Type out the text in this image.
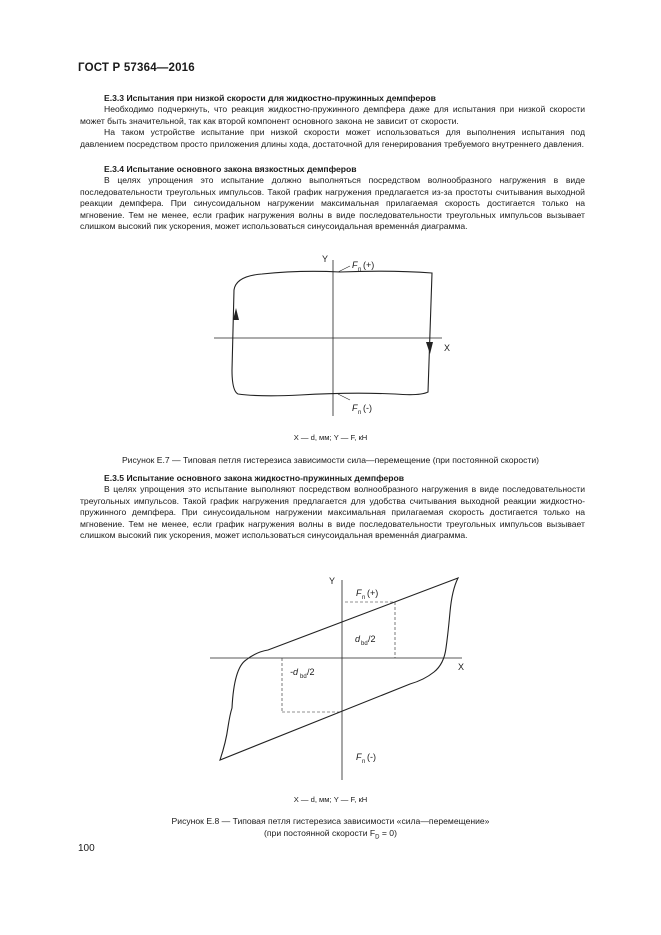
ГОСТ Р 57364—2016
Е.3.3 Испытания при низкой скорости для жидкостно-пружинных демпферов

Необходимо подчеркнуть, что реакция жидкостно-пружинного демпфера даже для испытания при низкой скорости может быть значительной, так как второй компонент основного закона не зависит от скорости.

На таком устройстве испытание при низкой скорости может использоваться для выполнения испытания под давлением посредством просто приложения длины хода, достаточной для генерирования требуемого внутреннего давления.

Е.3.4 Испытание основного закона вязкостных демпферов

В целях упрощения это испытание должно выполняться посредством волнообразного нагружения в виде последовательности треугольных импульсов. Такой график нагружения предлагается из-за простоты считывания выходной реакции демпфера. При синусоидальном нагружении максимальная прилагаемая скорость достигается только на мгновение. Тем не менее, если график нагружения волны в виде последовательности треугольных импульсов вызывает слишком высокий пик ускорения, может использоваться синусоидальная временна́я диаграмма.

Y
X
F n (+)
F n (-)
X — d, мм; Y — F, кН
Рисунок Е.7 — Типовая петля гистерезиса зависимости сила—перемещение (при постоянной скорости)
Е.3.5 Испытание основного закона жидкостно-пружинных демпферов

В целях упрощения это испытание выполняют посредством волнообразного нагружения в виде последовательности треугольных импульсов. Такой график нагружения предлагается для удобства считывания выходной реакции жидкостно-пружинного демпфера. При синусоидальном нагружении максимальная прилагаемая скорость достигается только на мгновение. Тем не менее, если график нагружения волны в виде последовательности треугольных импульсов вызывает слишком высокий пик ускорения, может использоваться синусоидальная временна́я диаграмма.

Y
X
F n (+)
F n (-)
d bd /2
-d bd /2
X — d, мм; Y — F, кН
Рисунок Е.8 — Типовая петля гистерезиса зависимости «сила—перемещение»
(при постоянной скорости $F_D = 0$)
100
